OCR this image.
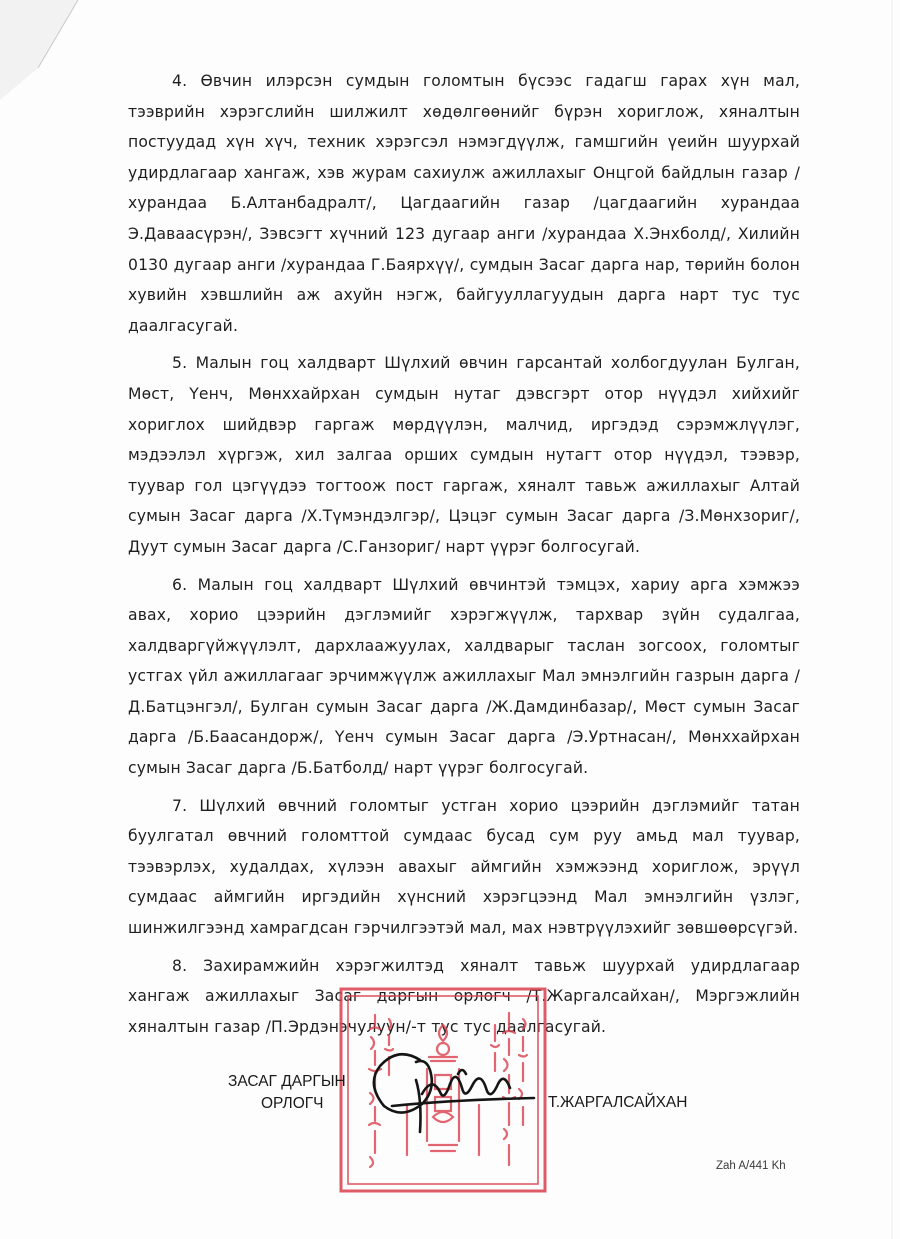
4. Өвчин илэрсэн сумдын голомтын бүсээс гадагш гарах хүн мал, тээврийн хэрэгслийн шилжилт хөдөлгөөнийг бүрэн хориглож, хяналтын постуудад хүн хүч, техник хэрэгсэл нэмэгдүүлж, гамшгийн үеийн шуурхай удирдлагаар хангаж, хэв журам сахиулж ажиллахыг Онцгой байдлын газар /хурандаа Б.Алтанбадралт/, Цагдаагийн газар /цагдаагийн хурандаа Э.Даваасүрэн/, Зэвсэгт хүчний 123 дугаар анги /хурандаа Х.Энхболд/, Хилийн 0130 дугаар анги /хурандаа Г.Баярхүү/, сумдын Засаг дарга нар, төрийн болон хувийн хэвшлийн аж ахуйн нэгж, байгууллагуудын дарга нарт тус тус даалгасугай.

5. Малын гоц халдварт Шүлхий өвчин гарсантай холбогдуулан Булган, Мөст, Үенч, Мөнххайрхан сумдын нутаг дэвсгэрт отор нүүдэл хийхийг хориглох шийдвэр гаргаж мөрдүүлэн, малчид, иргэдэд сэрэмжлүүлэг, мэдээлэл хүргэж, хил залгаа орших сумдын нутагт отор нүүдэл, тээвэр, туувар гол цэгүүдээ тогтоож пост гаргаж, хяналт тавьж ажиллахыг Алтай сумын Засаг дарга /Х.Түмэндэлгэр/, Цэцэг сумын Засаг дарга /З.Мөнхзориг/, Дуут сумын Засаг дарга /С.Ганзориг/ нарт үүрэг болгосугай.

6. Малын гоц халдварт Шүлхий өвчинтэй тэмцэх, хариу арга хэмжээ авах, хорио цээрийн дэглэмийг хэрэгжүүлж, тархвар зүйн судалгаа, халдваргүйжүүлэлт, дархлаажуулах, халдварыг таслан зогсоох, голомтыг устгах үйл ажиллагааг эрчимжүүлж ажиллахыг Мал эмнэлгийн газрын дарга /Д.Батцэнгэл/, Булган сумын Засаг дарга /Ж.Дамдинбазар/, Мөст сумын Засаг дарга /Б.Баасандорж/, Үенч сумын Засаг дарга /Э.Уртнасан/, Мөнххайрхан сумын Засаг дарга /Б.Батболд/ нарт үүрэг болгосугай.

7. Шүлхий өвчний голомтыг устган хорио цээрийн дэглэмийг татан буулгатал өвчний голомттой сумдаас бусад сум руу амьд мал туувар, тээвэрлэх, худалдах, хүлээн авахыг аймгийн хэмжээнд хориглож, эрүүл сумдаас аймгийн иргэдийн хүнсний хэрэгцээнд Мал эмнэлгийн үзлэг, шинжилгээнд хамрагдсан гэрчилгээтэй мал, мах нэвтрүүлэхийг зөвшөөрсүгэй.

8. Захирамжийн хэрэгжилтэд хяналт тавьж шуурхай удирдлагаар хангаж ажиллахыг Засаг даргын орлогч /Т.Жаргалсайхан/, Мэргэжлийн хяналтын газар /П.Эрдэнэчулуун/-т тус тус даалгасугай.

ЗАСАГ ДАРГЫН
ОРЛОГЧ	Т.ЖАРГАЛСАЙХАН
Zah A/441 Kh
